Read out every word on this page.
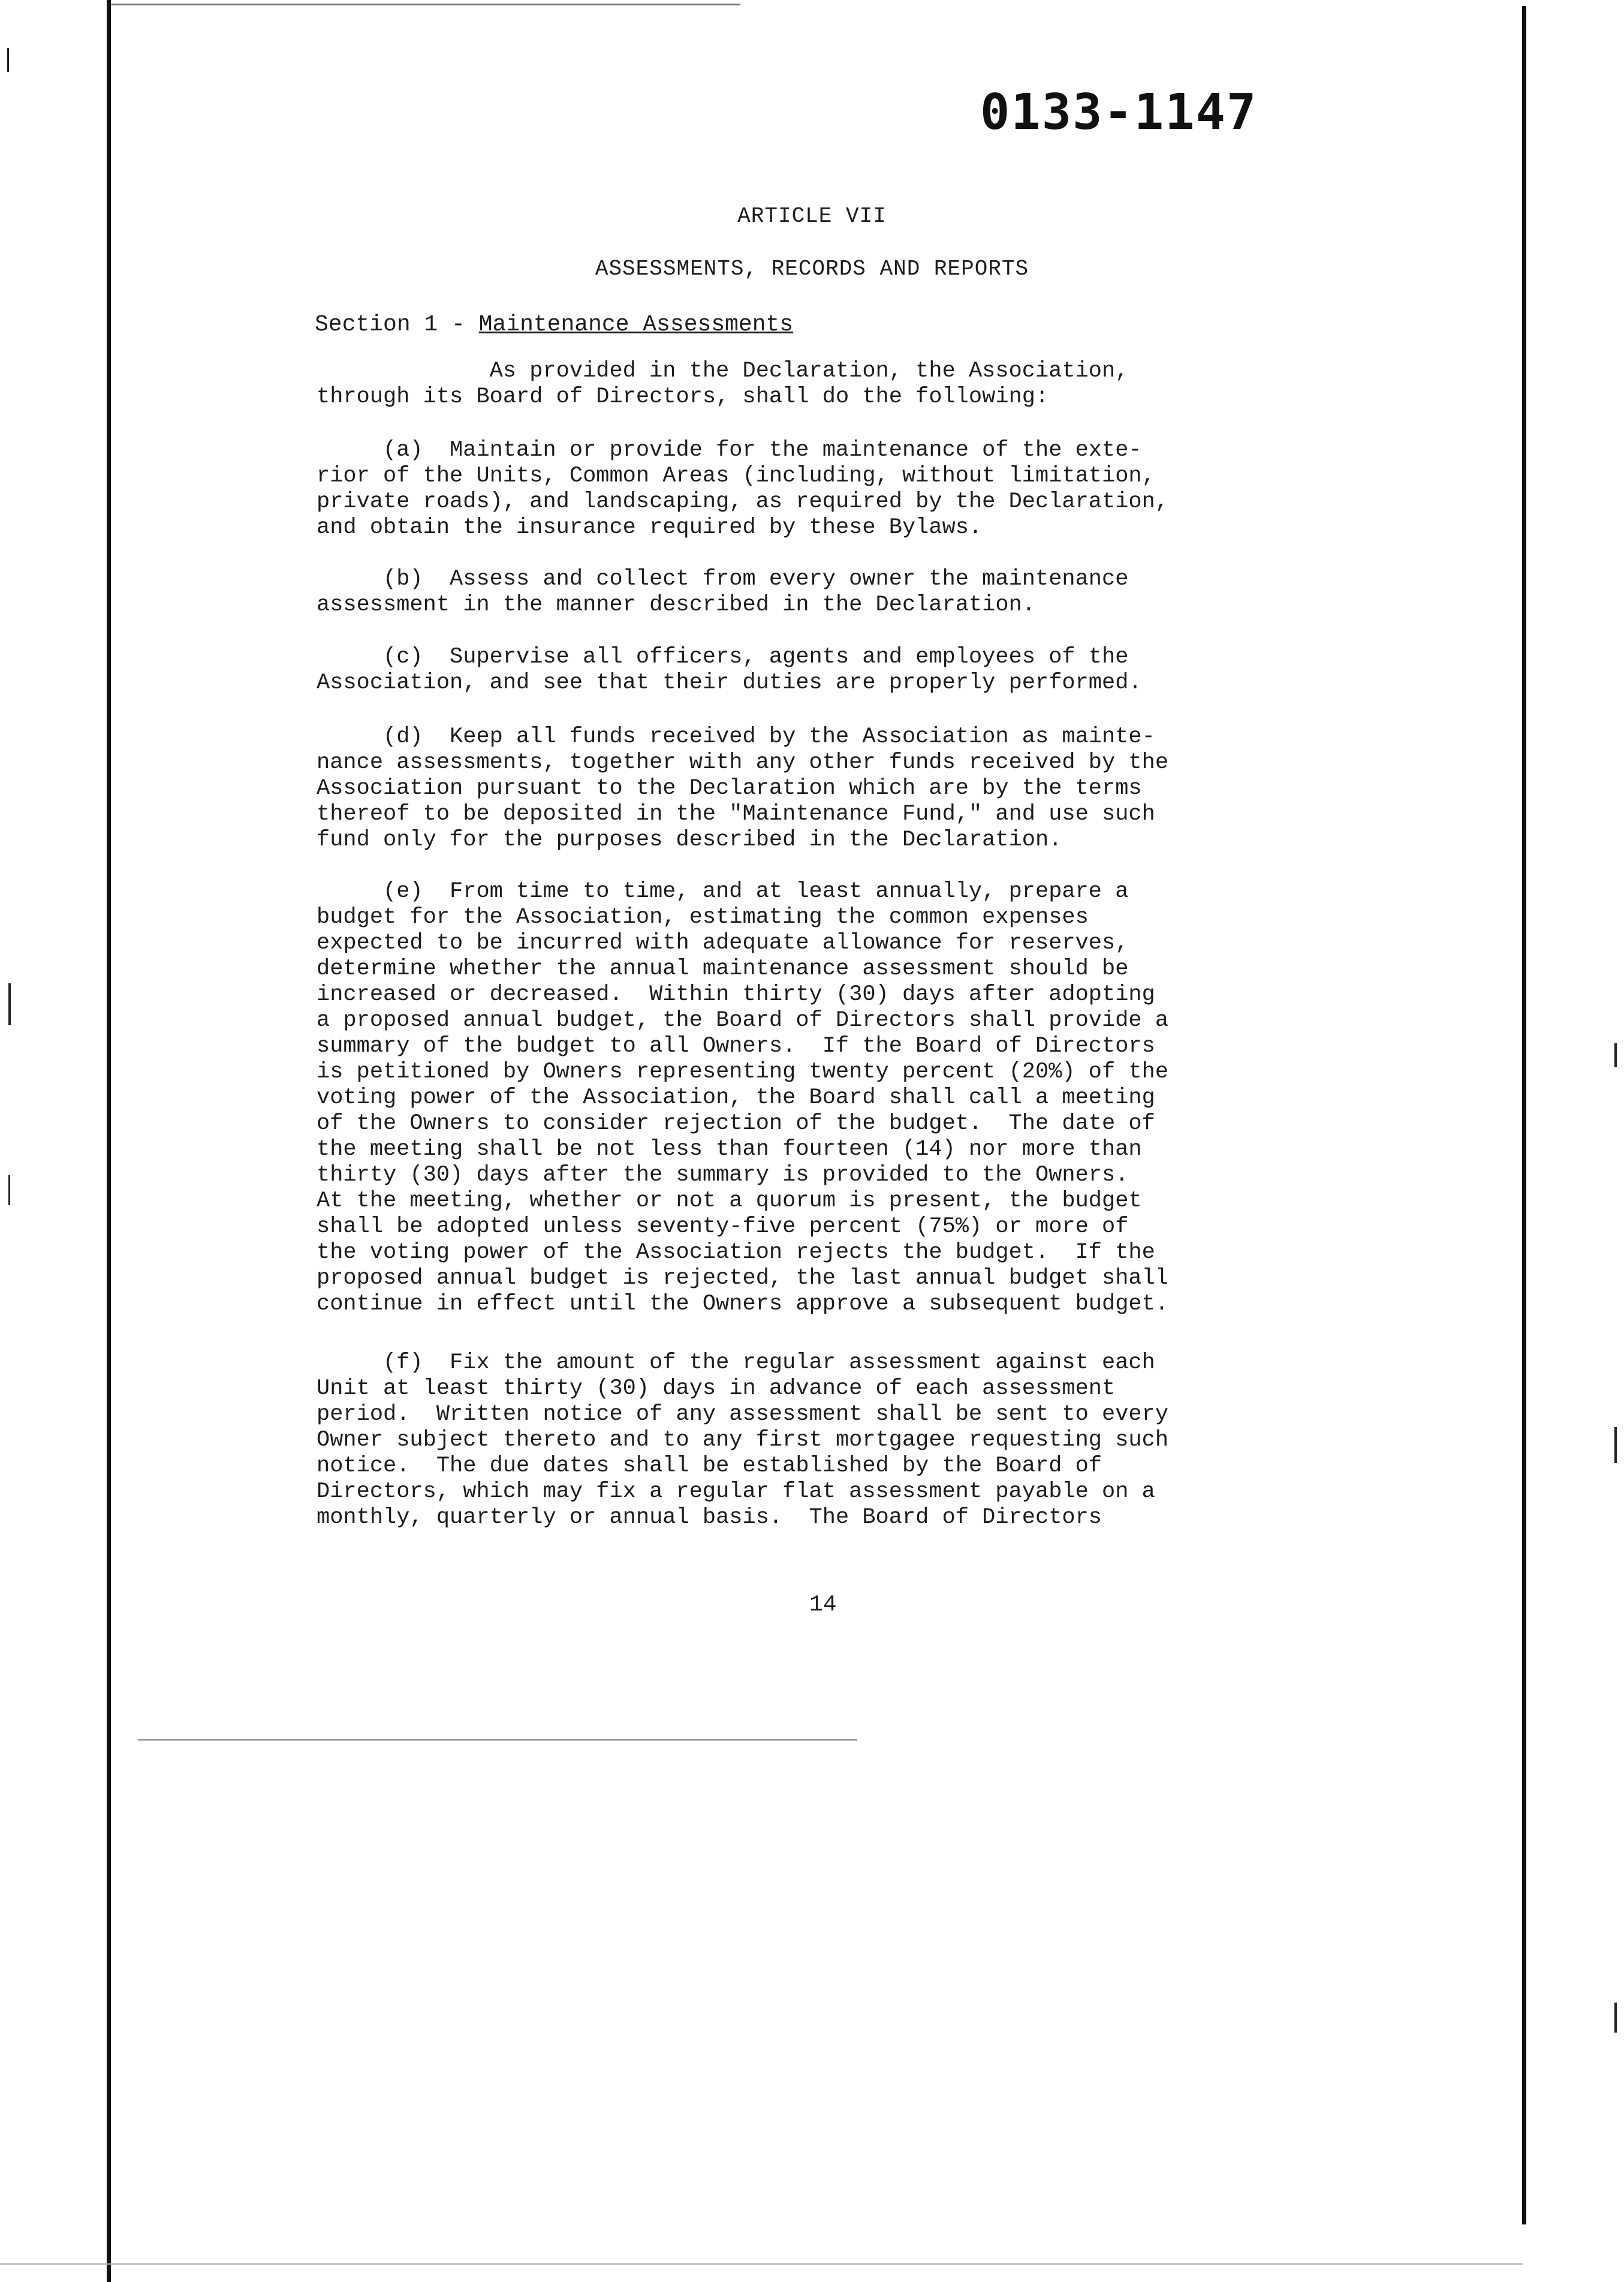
0133-1147
ARTICLE VII
ASSESSMENTS, RECORDS AND REPORTS
Section 1 - Maintenance Assessments
As provided in the Declaration, the Association,
through its Board of Directors, shall do the following:
(a)  Maintain or provide for the maintenance of the exte-
rior of the Units, Common Areas (including, without limitation,
private roads), and landscaping, as required by the Declaration,
and obtain the insurance required by these Bylaws.
(b)  Assess and collect from every owner the maintenance
assessment in the manner described in the Declaration.
(c)  Supervise all officers, agents and employees of the
Association, and see that their duties are properly performed.
(d)  Keep all funds received by the Association as mainte-
nance assessments, together with any other funds received by the
Association pursuant to the Declaration which are by the terms
thereof to be deposited in the "Maintenance Fund," and use such
fund only for the purposes described in the Declaration.
(e)  From time to time, and at least annually, prepare a
budget for the Association, estimating the common expenses
expected to be incurred with adequate allowance for reserves,
determine whether the annual maintenance assessment should be
increased or decreased.  Within thirty (30) days after adopting
a proposed annual budget, the Board of Directors shall provide a
summary of the budget to all Owners.  If the Board of Directors
is petitioned by Owners representing twenty percent (20%) of the
voting power of the Association, the Board shall call a meeting
of the Owners to consider rejection of the budget.  The date of
the meeting shall be not less than fourteen (14) nor more than
thirty (30) days after the summary is provided to the Owners.
At the meeting, whether or not a quorum is present, the budget
shall be adopted unless seventy-five percent (75%) or more of
the voting power of the Association rejects the budget.  If the
proposed annual budget is rejected, the last annual budget shall
continue in effect until the Owners approve a subsequent budget.
(f)  Fix the amount of the regular assessment against each
Unit at least thirty (30) days in advance of each assessment
period.  Written notice of any assessment shall be sent to every
Owner subject thereto and to any first mortgagee requesting such
notice.  The due dates shall be established by the Board of
Directors, which may fix a regular flat assessment payable on a
monthly, quarterly or annual basis.  The Board of Directors
14
